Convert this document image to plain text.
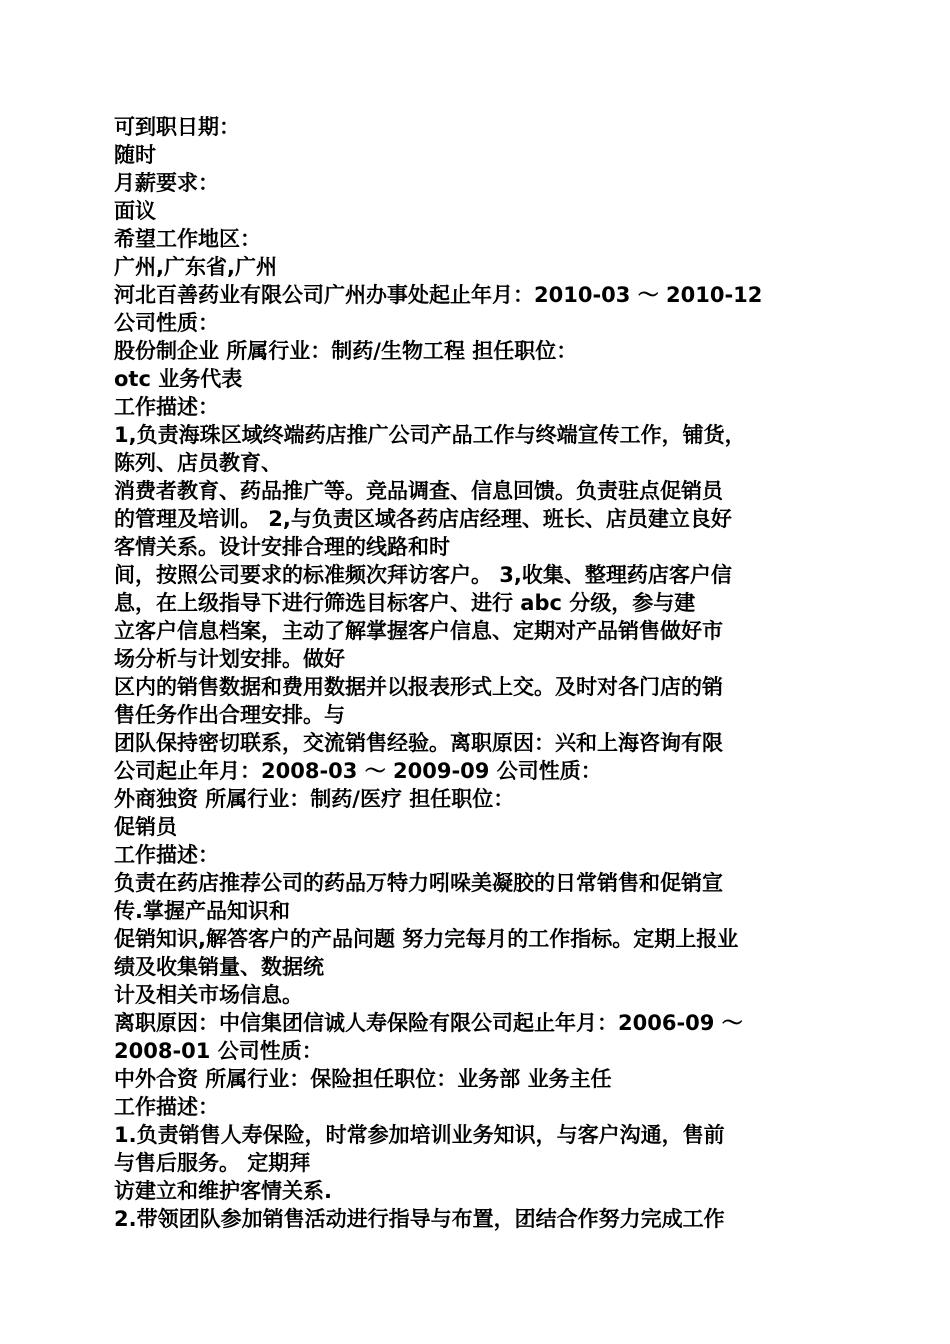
可到职日期：
随时
月薪要求：
面议
希望工作地区：
广州,广东省,广州
河北百善药业有限公司广州办事处起止年月：2010-03 ～ 2010-12
公司性质：
股份制企业 所属行业：制药/生物工程 担任职位：
otc 业务代表
工作描述：
1,负责海珠区域终端药店推广公司产品工作与终端宣传工作，铺货，
陈列、店员教育、
消费者教育、药品推广等。竞品调查、信息回馈。负责驻点促销员
的管理及培训。 2,与负责区域各药店店经理、班长、店员建立良好
客情关系。设计安排合理的线路和时
间，按照公司要求的标准频次拜访客户。 3,收集、整理药店客户信
息，在上级指导下进行筛选目标客户、进行 abc 分级，参与建
立客户信息档案，主动了解掌握客户信息、定期对产品销售做好市
场分析与计划安排。做好
区内的销售数据和费用数据并以报表形式上交。及时对各门店的销
售任务作出合理安排。与
团队保持密切联系，交流销售经验。离职原因：兴和上海咨询有限
公司起止年月：2008-03 ～ 2009-09 公司性质：
外商独资 所属行业：制药/医疗 担任职位：
促销员
工作描述：
负责在药店推荐公司的药品万特力吲哚美凝胶的日常销售和促销宣
传.掌握产品知识和
促销知识,解答客户的产品问题 努力完每月的工作指标。定期上报业
绩及收集销量、数据统
计及相关市场信息。
离职原因：中信集团信诚人寿保险有限公司起止年月：2006-09 ～
2008-01 公司性质：
中外合资 所属行业：保险担任职位：业务部 业务主任
工作描述：
1.负责销售人寿保险，时常参加培训业务知识，与客户沟通，售前
与售后服务。 定期拜
访建立和维护客情关系.
2.带领团队参加销售活动进行指导与布置，团结合作努力完成工作
